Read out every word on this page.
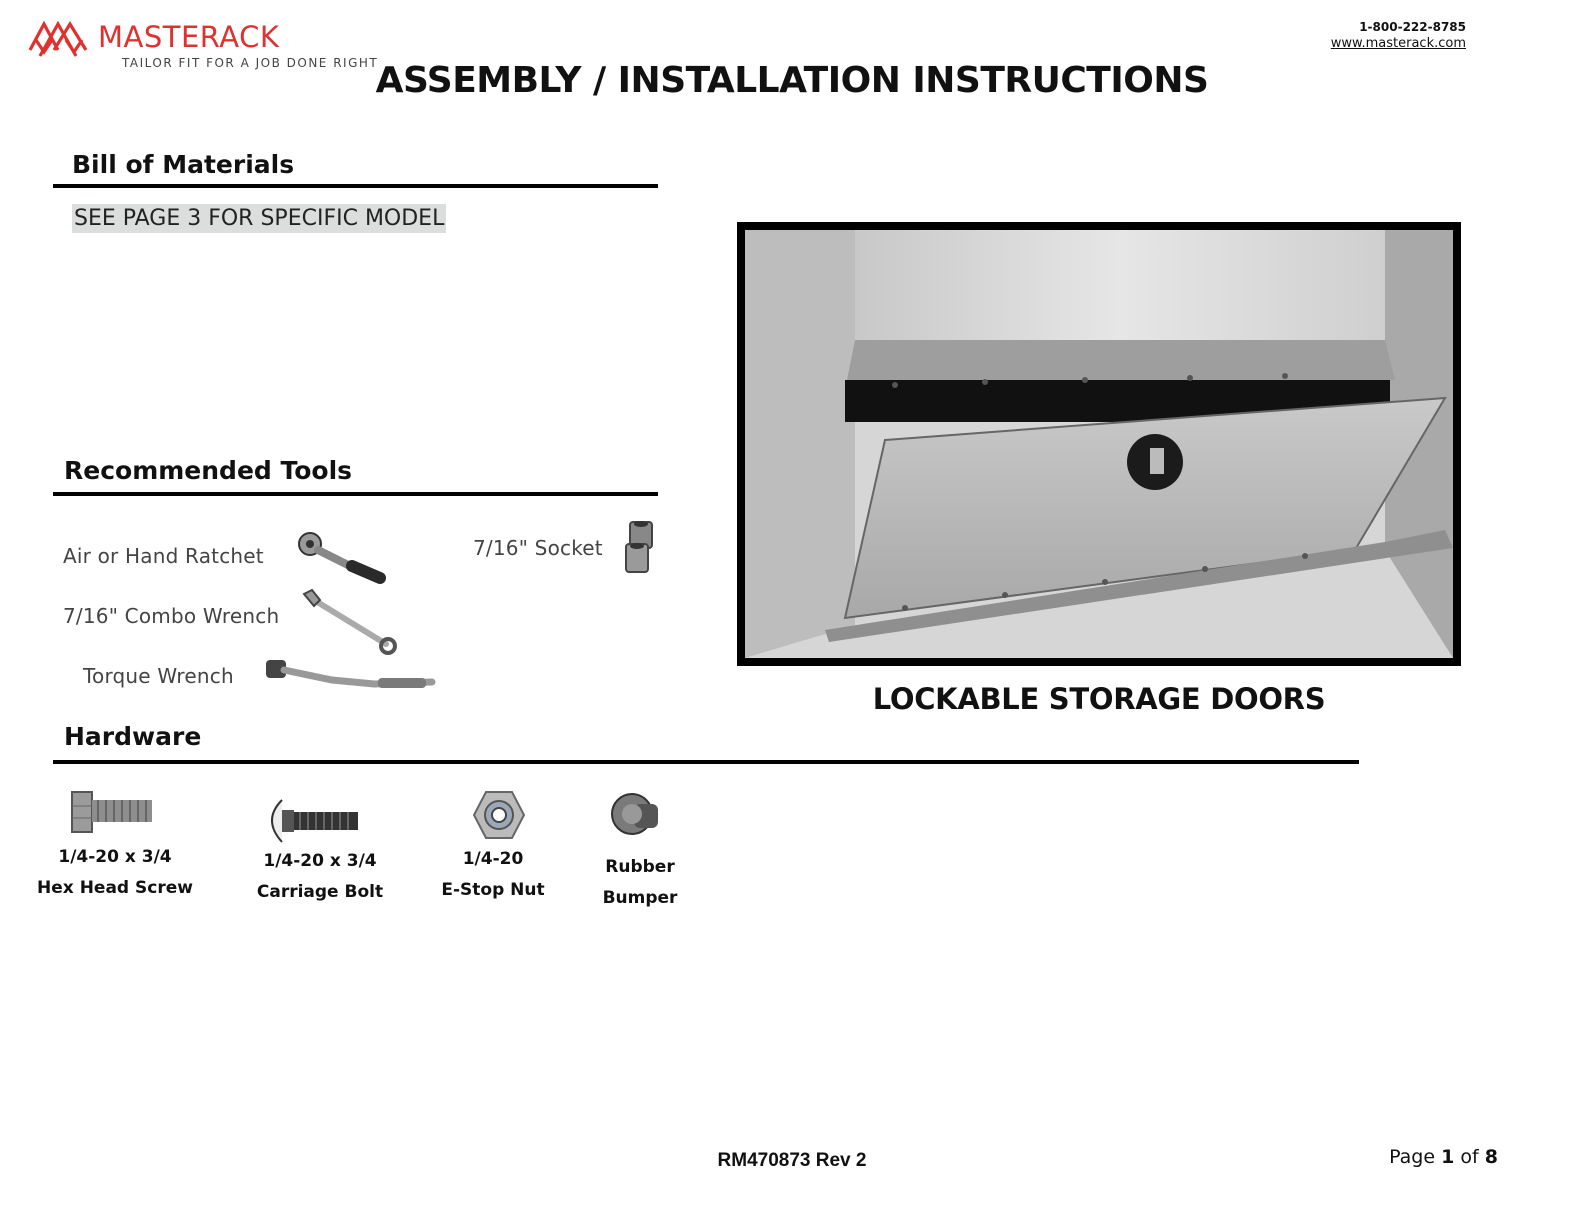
MASTERACK
TAILOR FIT FOR A JOB DONE RIGHT
1-800-222-8785
www.masterack.com
ASSEMBLY / INSTALLATION INSTRUCTIONS
Bill of Materials
SEE PAGE 3 FOR SPECIFIC MODEL
Recommended Tools
Air or Hand Ratchet
7/16" Combo Wrench
Torque Wrench
7/16" Socket
LOCKABLE STORAGE DOORS
Hardware
1/4-20 x 3/4
Hex Head Screw
1/4-20 x 3/4
Carriage Bolt
1/4-20
E-Stop Nut
Rubber
Bumper
RM470873 Rev 2	Page 1 of 8
